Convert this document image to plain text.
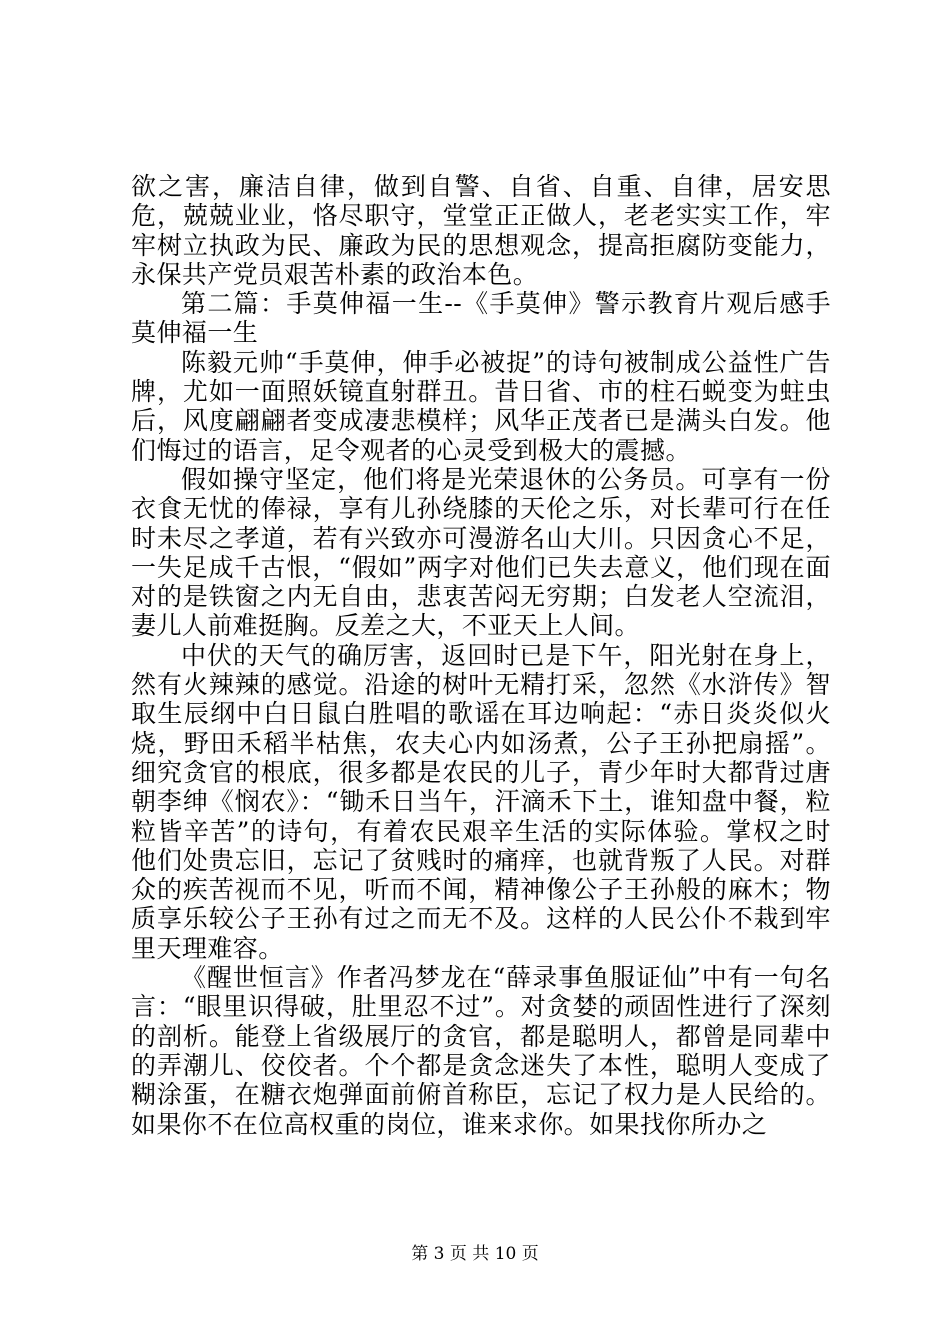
欲之害，廉洁自律，做到自警、自省、自重、自律，居安思危，兢兢业业，恪尽职守，堂堂正正做人，老老实实工作，牢牢树立执政为民、廉政为民的思想观念，提高拒腐防变能力，永保共产党员艰苦朴素的政治本色。

第二篇：手莫伸福一生--《手莫伸》警示教育片观后感手莫伸福一生

陈毅元帅“手莫伸，伸手必被捉”的诗句被制成公益性广告牌，尤如一面照妖镜直射群丑。昔日省、市的柱石蜕变为蛀虫后，风度翩翩者变成凄悲模样；风华正茂者已是满头白发。他们悔过的语言，足令观者的心灵受到极大的震撼。

假如操守坚定，他们将是光荣退休的公务员。可享有一份衣食无忧的俸禄，享有儿孙绕膝的天伦之乐，对长辈可行在任时未尽之孝道，若有兴致亦可漫游名山大川。只因贪心不足，一失足成千古恨，“假如”两字对他们已失去意义，他们现在面对的是铁窗之内无自由，悲衷苦闷无穷期；白发老人空流泪，妻儿人前难挺胸。反差之大，不亚天上人间。

中伏的天气的确厉害，返回时已是下午，阳光射在身上，然有火辣辣的感觉。沿途的树叶无精打采，忽然《水浒传》智取生辰纲中白日鼠白胜唱的歌谣在耳边响起：“赤日炎炎似火烧，野田禾稻半枯焦，农夫心内如汤煮，公子王孙把扇摇”。细究贪官的根底，很多都是农民的儿子，青少年时大都背过唐朝李绅《悯农》：“锄禾日当午，汗滴禾下土，谁知盘中餐，粒粒皆辛苦”的诗句，有着农民艰辛生活的实际体验。掌权之时他们处贵忘旧，忘记了贫贱时的痛痒，也就背叛了人民。对群众的疾苦视而不见，听而不闻，精神像公子王孙般的麻木；物质享乐较公子王孙有过之而无不及。这样的人民公仆不栽到牢里天理难容。

《醒世恒言》作者冯梦龙在“薛录事鱼服证仙”中有一句名言：“眼里识得破，肚里忍不过”。对贪婪的顽固性进行了深刻的剖析。能登上省级展厅的贪官，都是聪明人，都曾是同辈中的弄潮儿、佼佼者。个个都是贪念迷失了本性，聪明人变成了糊涂蛋，在糖衣炮弹面前俯首称臣，忘记了权力是人民给的。如果你不在位高权重的岗位，谁来求你。如果找你所办之

第 3 页 共 10 页
